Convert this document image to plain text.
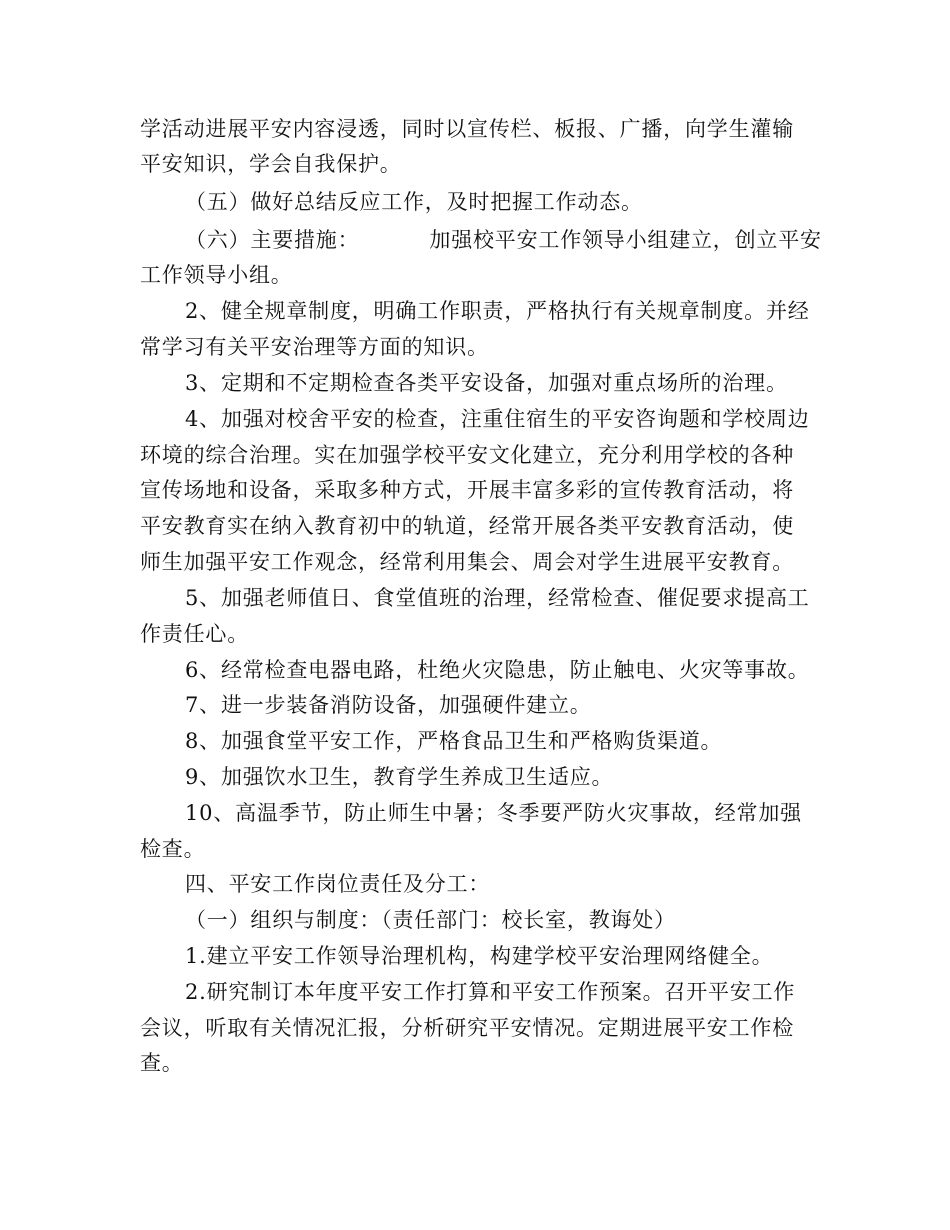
学活动进展平安内容浸透，同时以宣传栏、板报、广播，向学生灌输

平安知识，学会自我保护。

（五）做好总结反应工作，及时把握工作动态。

（六）主要措施：	加强校平安工作领导小组建立，创立平安

工作领导小组。

2、健全规章制度，明确工作职责，严格执行有关规章制度。并经

常学习有关平安治理等方面的知识。

3、定期和不定期检查各类平安设备，加强对重点场所的治理。

4、加强对校舍平安的检查，注重住宿生的平安咨询题和学校周边

环境的综合治理。实在加强学校平安文化建立，充分利用学校的各种

宣传场地和设备，采取多种方式，开展丰富多彩的宣传教育活动，将

平安教育实在纳入教育初中的轨道，经常开展各类平安教育活动，使

师生加强平安工作观念，经常利用集会、周会对学生进展平安教育。

5、加强老师值日、食堂值班的治理，经常检查、催促要求提高工

作责任心。

6、经常检查电器电路，杜绝火灾隐患，防止触电、火灾等事故。

7、进一步装备消防设备，加强硬件建立。

8、加强食堂平安工作，严格食品卫生和严格购货渠道。

9、加强饮水卫生，教育学生养成卫生适应。

10、高温季节，防止师生中暑；冬季要严防火灾事故，经常加强

检查。

四、平安工作岗位责任及分工：

（一）组织与制度：（责任部门：校长室，教诲处）

1.建立平安工作领导治理机构，构建学校平安治理网络健全。

2.研究制订本年度平安工作打算和平安工作预案。召开平安工作

会议，听取有关情况汇报，分析研究平安情况。定期进展平安工作检

查。
